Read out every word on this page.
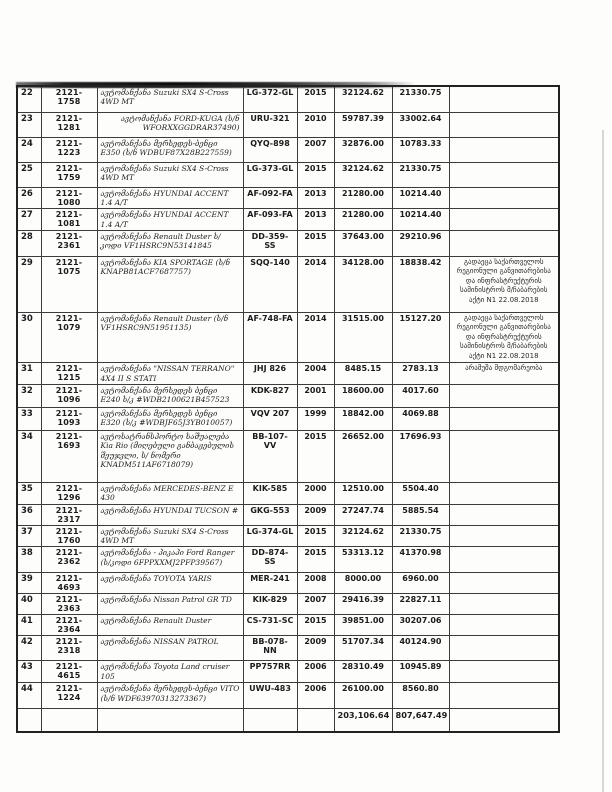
22	2121-1758	ავტომანქანა Suzuki SX4 S-Cross 4WD MT	LG-372-GL	2015	32124.62	21330.75	
23	2121-1281	ავტომანქანა FORD-KUGA (ს/ნ WFORXXGGDRAR37490)	URU-321	2010	59787.39	33002.64	
24	2121-1223	ავტომანქანა მერსედეს-ბენცი E350 (ს/ნ WDBUF87X28B227559)	QYQ-898	2007	32876.00	10783.33	
25	2121-1759	ავტომანქანა Suzuki SX4 S-Cross 4WD MT	LG-373-GL	2015	32124.62	21330.75	
26	2121-1080	ავტომანქანა HYUNDAI ACCENT 1.4 A/T	AF-092-FA	2013	21280.00	10214.40	
27	2121-1081	ავტომანქანა HYUNDAI ACCENT 1.4 A/T	AF-093-FA	2013	21280.00	10214.40	
28	2121-2361	ავტომანქანა Renault Duster ს/კოდი VF1HSRC9N53141845	DD-359-SS	2015	37643.00	29210.96	
29	2121-1075	ავტომანქანა KIA SPORTAGE (ს/ნ KNAPB81ACF7687757)	SQQ-140	2014	34128.00	18838.42	გადაეცა საქართველოს რეგიონული განვითარებისა და ინფრასტრუქტურის სამინისტროს მ/ჩაბარების აქტი N1 22.08.2018
30	2121-1079	ავტომანქანა Renault Duster (ს/ნ VF1HSRC9N51951135)	AF-748-FA	2014	31515.00	15127.20	გადაეცა საქართველოს რეგიონული განვითარებისა და ინფრასტრუქტურის სამინისტროს მ/ჩაბარების აქტი N1 22.08.2018
31	2121-1215	ავტომანქანა "NISSAN TERRANO" 4X4 II S STATI	JHJ 826	2004	8485.15	2783.13	არამუშა მდგომარეობა
32	2121-1096	ავტომანქანა მერსედეს ბენცი E240 ს/კ #WDB2100621B457523	KDK-827	2001	18600.00	4017.60	
33	2121-1093	ავტომანქანა მერსედეს ბენცი E320 (ს/კ #WDBJF65J3YB010057)	VQV 207	1999	18842.00	4069.88	
34	2121-1693	ავტოსატრანსპორტო საშუალება Kia Rio (მიღებული განბაჟებულის შეუჯვლი, ს/ ნომერი KNADM511AF6718079)	BB-107-VV	2015	26652.00	17696.93	
35	2121-1296	ავტომანქანა MERCEDES-BENZ E 430	KIK-585	2000	12510.00	5504.40	
36	2121-2317	ავტომანქანა HYUNDAI TUCSON #	GKG-553	2009	27247.74	5885.54	
37	2121-1760	ავტომანქანა Suzuki SX4 S-Cross 4WD MT	LG-374-GL	2015	32124.62	21330.75	
38	2121-2362	ავტომანქანა - პიკაპი Ford Ranger (ს/კოდი 6FPPXXMJ2PFP39567)	DD-874-SS	2015	53313.12	41370.98	
39	2121-4693	ავტომანქანა TOYOTA YARIS	MER-241	2008	8000.00	6960.00	
40	2121-2363	ავტომანქანა Nissan Patrol GR TD	KIK-829	2007	29416.39	22827.11	
41	2121-2364	ავტომანქანა Renault Duster	CS-731-SC	2015	39851.00	30207.06	
42	2121-2318	ავტომანქანა NISSAN PATROL	BB-078-NN	2009	51707.34	40124.90	
43	2121-4615	ავტომანქანა Toyota Land cruiser 105	PP757RR	2006	28310.49	10945.89	
44	2121-1224	ავტომანქანა მერსედეს-ბენცი VITO (ს/ნ WDF63970313273367)	UWU-483	2006	26100.00	8560.80	
					203,106.64	807,647.49	
